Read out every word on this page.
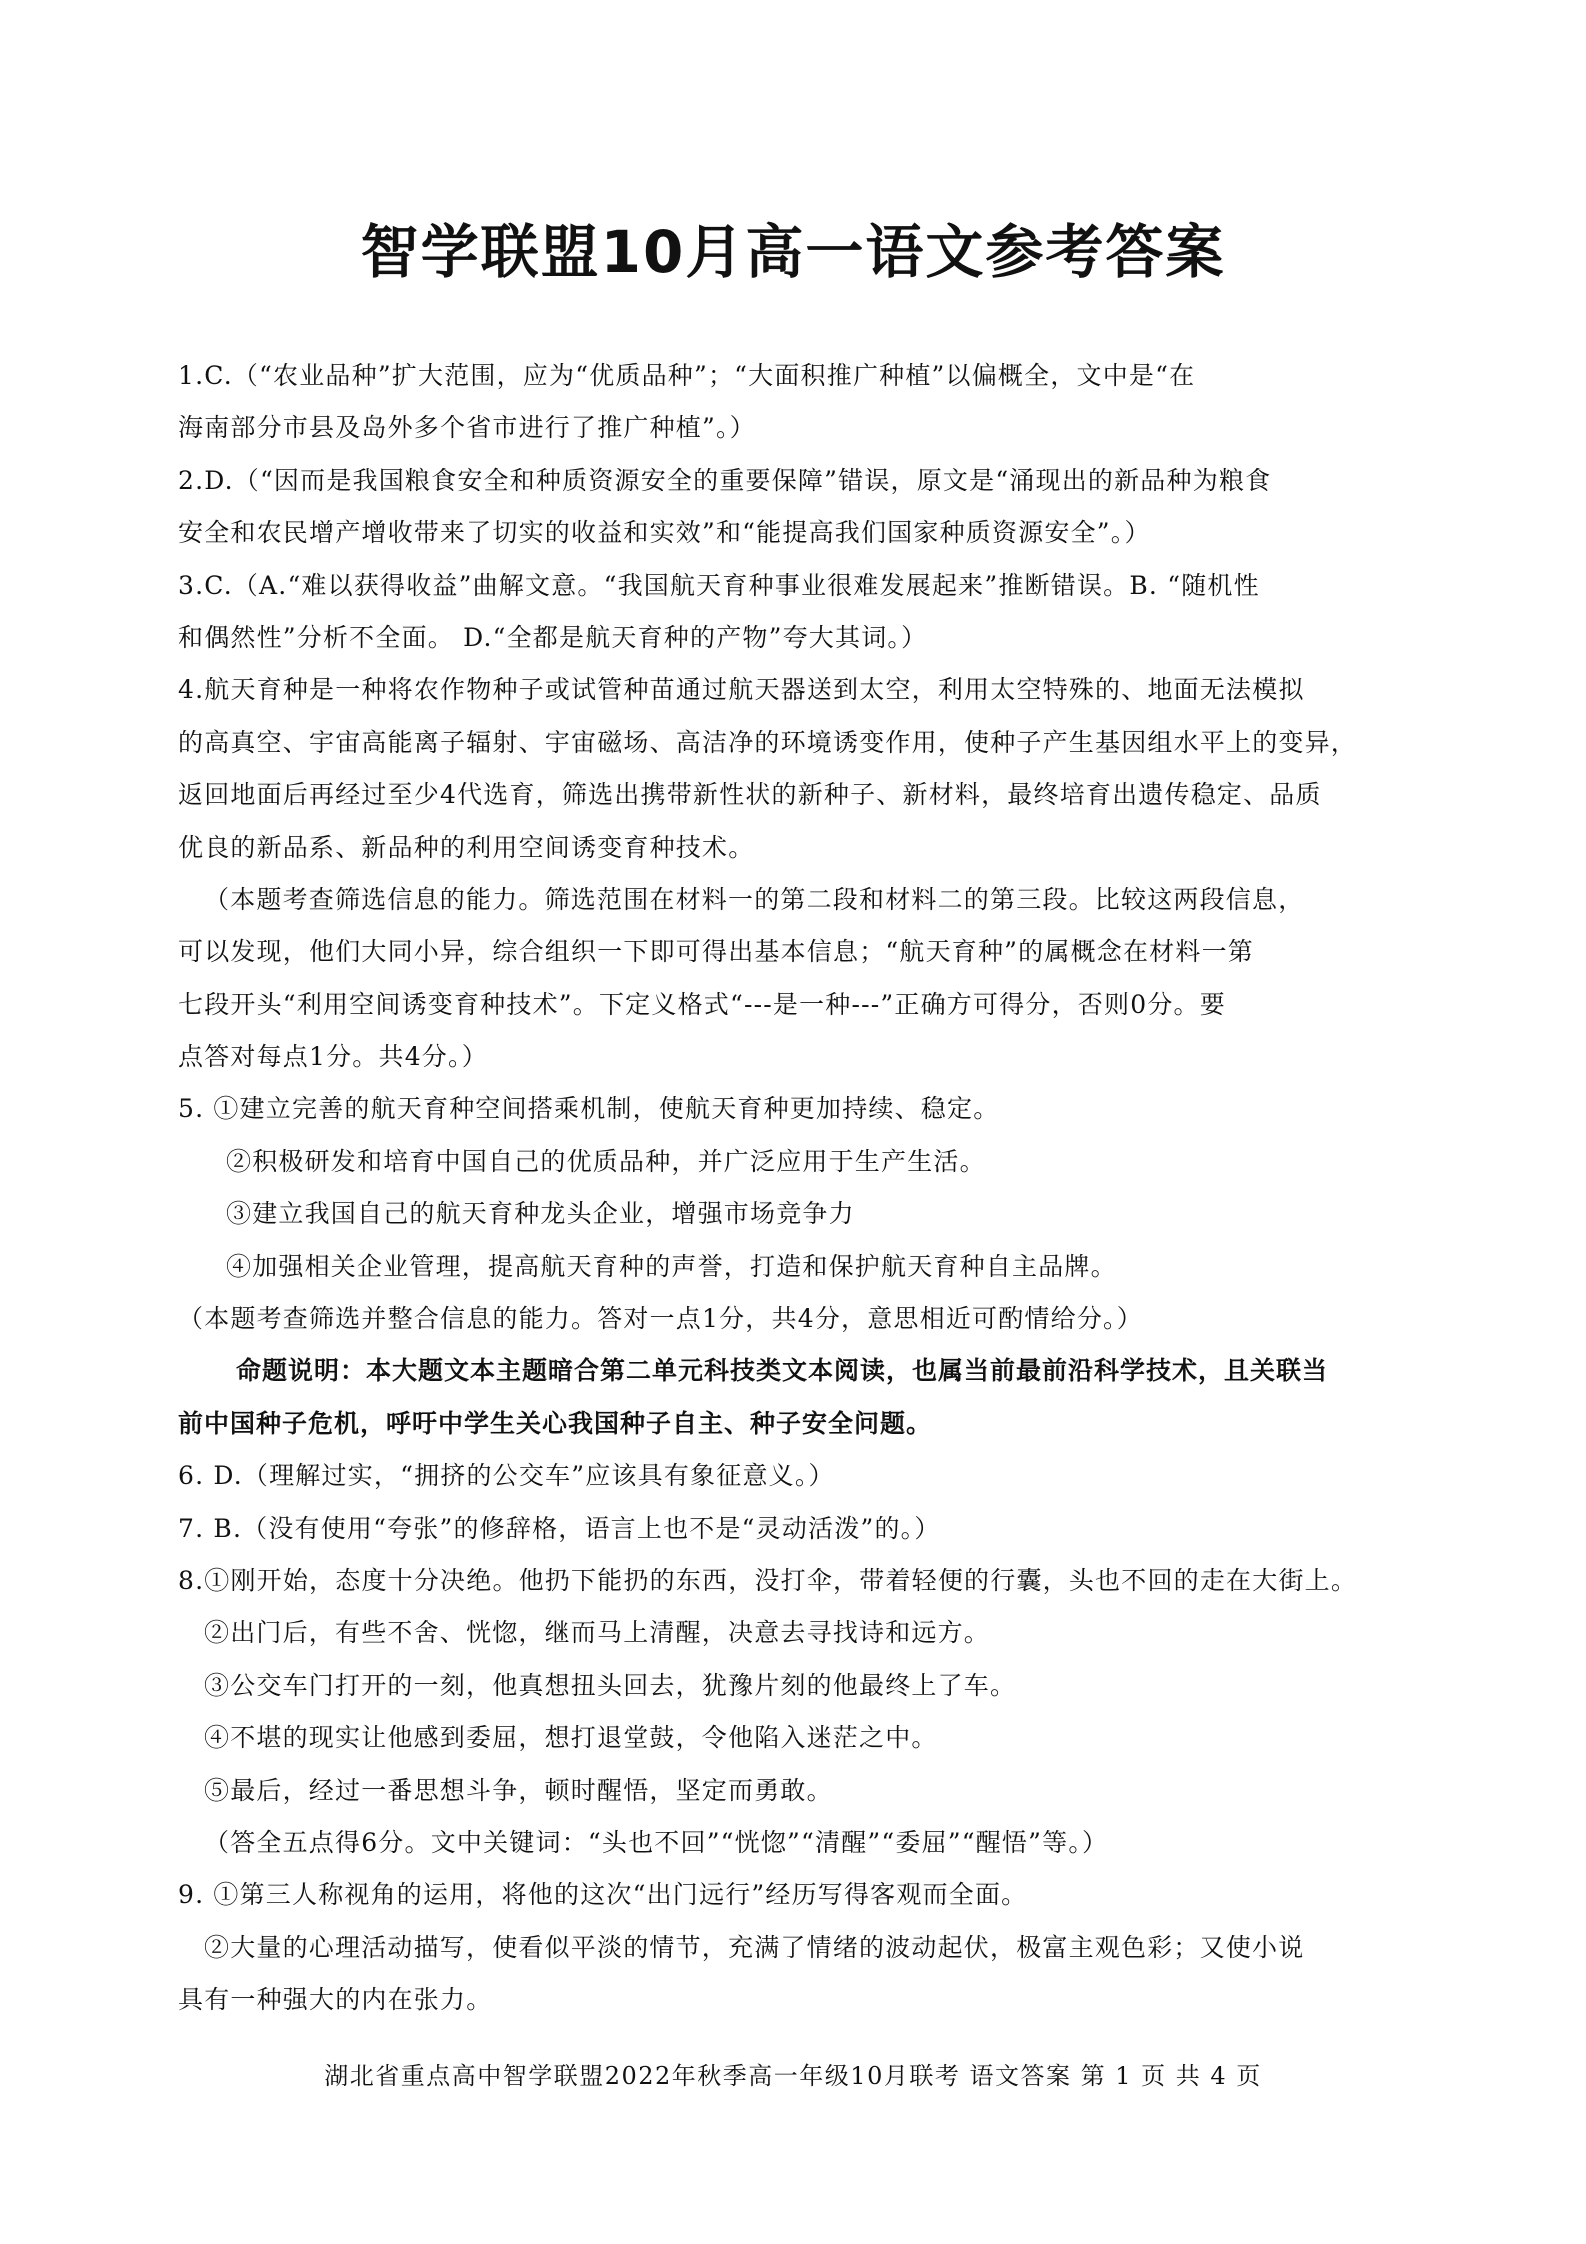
智学联盟10月高一语文参考答案
1.C.（“农业品种”扩大范围，应为“优质品种”；“大面积推广种植”以偏概全，文中是“在
海南部分市县及岛外多个省市进行了推广种植”。）
2.D.（“因而是我国粮食安全和种质资源安全的重要保障”错误，原文是“涌现出的新品种为粮食
安全和农民增产增收带来了切实的收益和实效”和“能提高我们国家种质资源安全”。）
3.C.（A.“难以获得收益”曲解文意。“我国航天育种事业很难发展起来”推断错误。B. “随机性
和偶然性”分析不全面。 D.“全都是航天育种的产物”夸大其词。）
4.航天育种是一种将农作物种子或试管种苗通过航天器送到太空，利用太空特殊的、地面无法模拟
的高真空、宇宙高能离子辐射、宇宙磁场、高洁净的环境诱变作用，使种子产生基因组水平上的变异，
返回地面后再经过至少4代选育，筛选出携带新性状的新种子、新材料，最终培育出遗传稳定、品质
优良的新品系、新品种的利用空间诱变育种技术。
（本题考查筛选信息的能力。筛选范围在材料一的第二段和材料二的第三段。比较这两段信息，
可以发现，他们大同小异，综合组织一下即可得出基本信息；“航天育种”的属概念在材料一第
七段开头“利用空间诱变育种技术”。下定义格式“---是一种---”正确方可得分，否则0分。要
点答对每点1分。共4分。）
5. ①建立完善的航天育种空间搭乘机制，使航天育种更加持续、稳定。
②积极研发和培育中国自己的优质品种，并广泛应用于生产生活。
③建立我国自己的航天育种龙头企业，增强市场竞争力
④加强相关企业管理，提高航天育种的声誉，打造和保护航天育种自主品牌。
（本题考查筛选并整合信息的能力。答对一点1分，共4分，意思相近可酌情给分。）
命题说明：本大题文本主题暗合第二单元科技类文本阅读，也属当前最前沿科学技术，且关联当
前中国种子危机，呼吁中学生关心我国种子自主、种子安全问题。
6. D.（理解过实，“拥挤的公交车”应该具有象征意义。）
7. B.（没有使用“夸张”的修辞格，语言上也不是“灵动活泼”的。）
8.①刚开始，态度十分决绝。他扔下能扔的东西，没打伞，带着轻便的行囊，头也不回的走在大街上。
②出门后，有些不舍、恍惚，继而马上清醒，决意去寻找诗和远方。
③公交车门打开的一刻，他真想扭头回去，犹豫片刻的他最终上了车。
④不堪的现实让他感到委屈，想打退堂鼓，令他陷入迷茫之中。
⑤最后，经过一番思想斗争，顿时醒悟，坚定而勇敢。
（答全五点得6分。文中关键词：“头也不回”“恍惚”“清醒”“委屈”“醒悟”等。）
9. ①第三人称视角的运用，将他的这次“出门远行”经历写得客观而全面。
②大量的心理活动描写，使看似平淡的情节，充满了情绪的波动起伏，极富主观色彩；又使小说
具有一种强大的内在张力。
湖北省重点高中智学联盟2022年秋季高一年级10月联考 语文答案 第 1 页 共 4 页
